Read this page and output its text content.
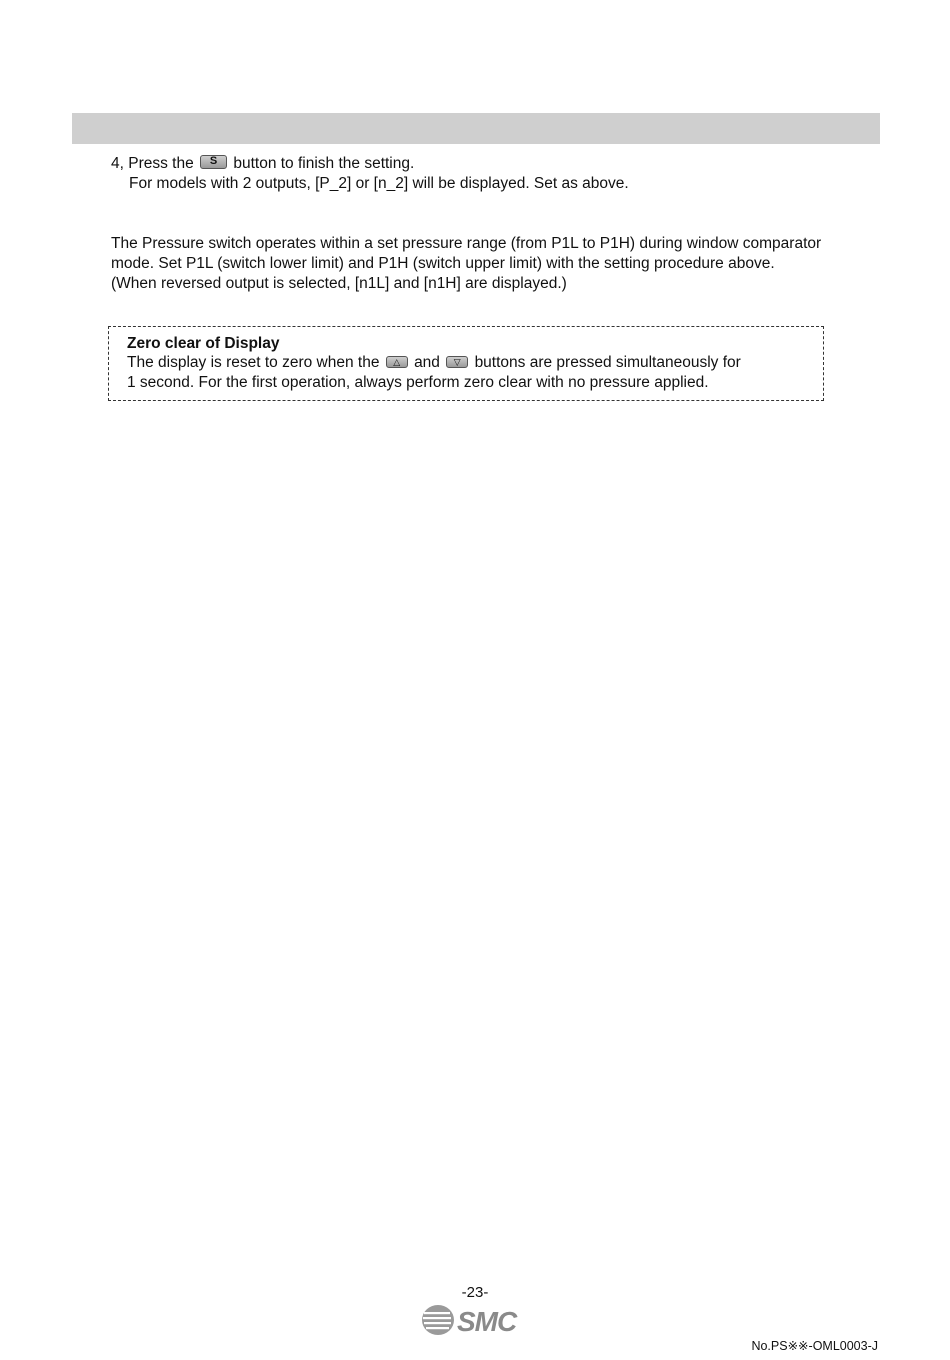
4, Press the	S	button to finish the setting.
For models with 2 outputs, [P_2] or [n_2] will be displayed. Set as above.
The Pressure switch operates within a set pressure range (from P1L to P1H) during window comparator
mode. Set P1L (switch lower limit) and P1H (switch upper limit) with the setting procedure above.
(When reversed output is selected, [n1L] and [n1H] are displayed.)
Zero clear of Display
The display is reset to zero when the	△ and	▽ buttons are pressed simultaneously for
1 second. For the first operation, always perform zero clear with no pressure applied.
-23-
SMC
No.PS※※-OML0003-J
